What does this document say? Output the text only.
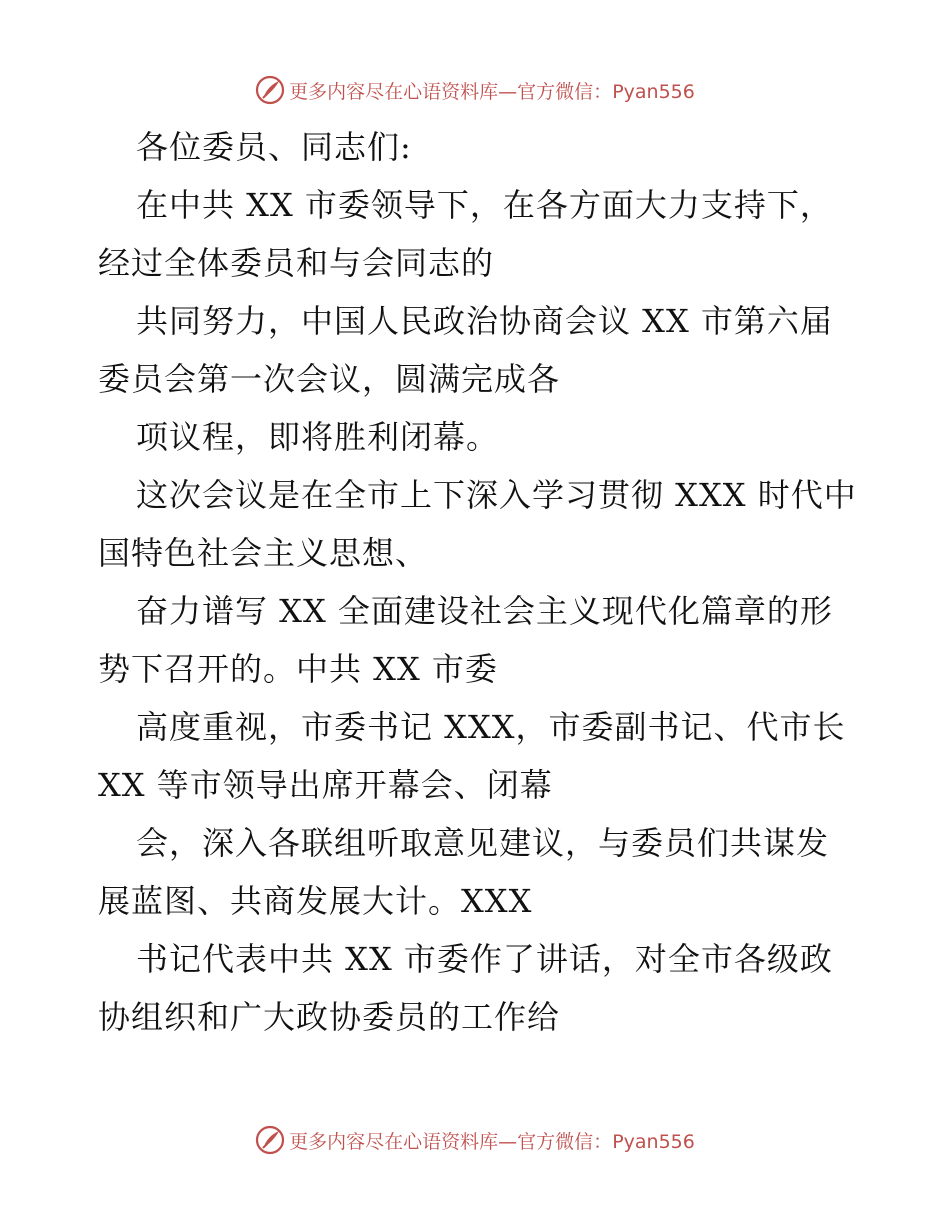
更多内容尽在心语资料库—官方微信：Pyan556

各位委员、同志们:

在中共 XX 市委领导下，在各方面大力支持下，经过全体委员和与会同志的

共同努力，中国人民政治协商会议 XX 市第六届委员会第一次会议，圆满完成各

项议程，即将胜利闭幕。

这次会议是在全市上下深入学习贯彻 XXX 时代中国特色社会主义思想、

奋力谱写 XX 全面建设社会主义现代化篇章的形势下召开的。中共 XX 市委

高度重视，市委书记 XXX，市委副书记、代市长 XX 等市领导出席开幕会、闭幕

会，深入各联组听取意见建议，与委员们共谋发展蓝图、共商发展大计。XXX

书记代表中共 XX 市委作了讲话，对全市各级政协组织和广大政协委员的工作给

更多内容尽在心语资料库—官方微信：Pyan556
